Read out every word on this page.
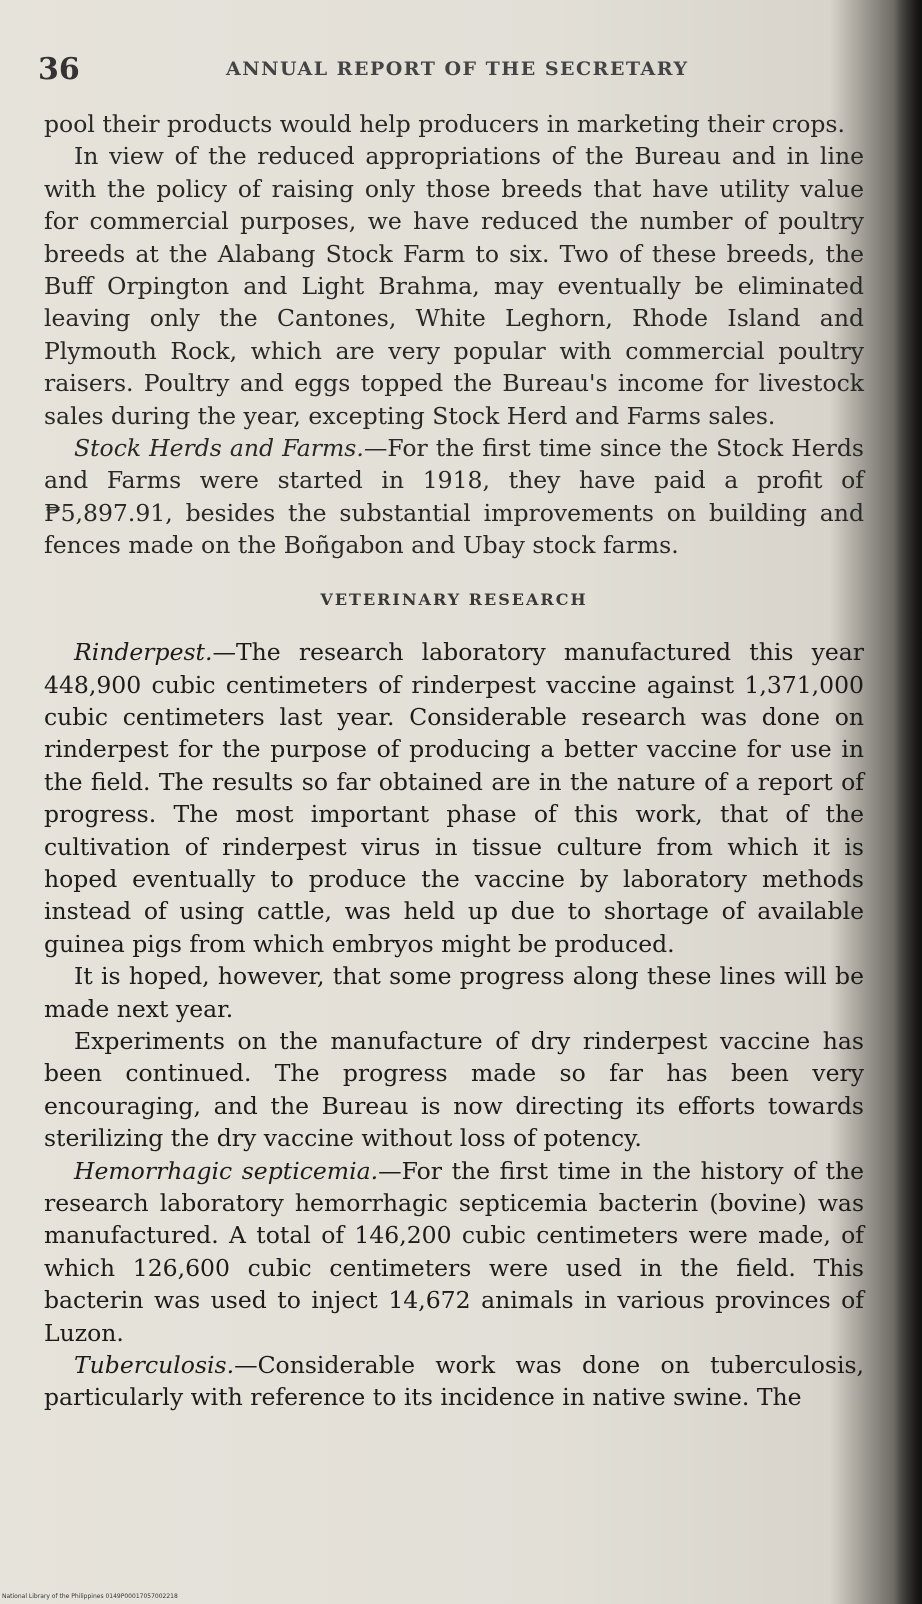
36	ANNUAL REPORT OF THE SECRETARY

pool their products would help producers in marketing their crops.

In view of the reduced appropriations of the Bureau and in line with the policy of raising only those breeds that have utility value for commercial purposes, we have reduced the number of poultry breeds at the Alabang Stock Farm to six. Two of these breeds, the Buff Orpington and Light Brahma, may eventually be eliminated leaving only the Cantones, White Leghorn, Rhode Island and Plymouth Rock, which are very popular with commercial poultry raisers. Poultry and eggs topped the Bureau's income for livestock sales during the year, excepting Stock Herd and Farms sales.

Stock Herds and Farms.—For the first time since the Stock Herds and Farms were started in 1918, they have paid a profit of ₱5,897.91, besides the substantial improvements on building and fences made on the Boñgabon and Ubay stock farms.

VETERINARY RESEARCH

Rinderpest.—The research laboratory manufactured this year 448,900 cubic centimeters of rinderpest vaccine against 1,371,000 cubic centimeters last year. Considerable research was done on rinderpest for the purpose of producing a better vaccine for use in the field. The results so far obtained are in the nature of a report of progress. The most important phase of this work, that of the cultivation of rinderpest virus in tissue culture from which it is hoped eventually to produce the vaccine by laboratory methods instead of using cattle, was held up due to shortage of available guinea pigs from which embryos might be produced.

It is hoped, however, that some progress along these lines will be made next year.

Experiments on the manufacture of dry rinderpest vaccine has been continued. The progress made so far has been very encouraging, and the Bureau is now directing its efforts towards sterilizing the dry vaccine without loss of potency.

Hemorrhagic septicemia.—For the first time in the history of the research laboratory hemorrhagic septicemia bacterin (bovine) was manufactured. A total of 146,200 cubic centimeters were made, of which 126,600 cubic centimeters were used in the field. This bacterin was used to inject 14,672 animals in various provinces of Luzon.

Tuberculosis.—Considerable work was done on tuberculosis, particularly with reference to its incidence in native swine. The

National Library of the Philippines 0149P00017057002218
